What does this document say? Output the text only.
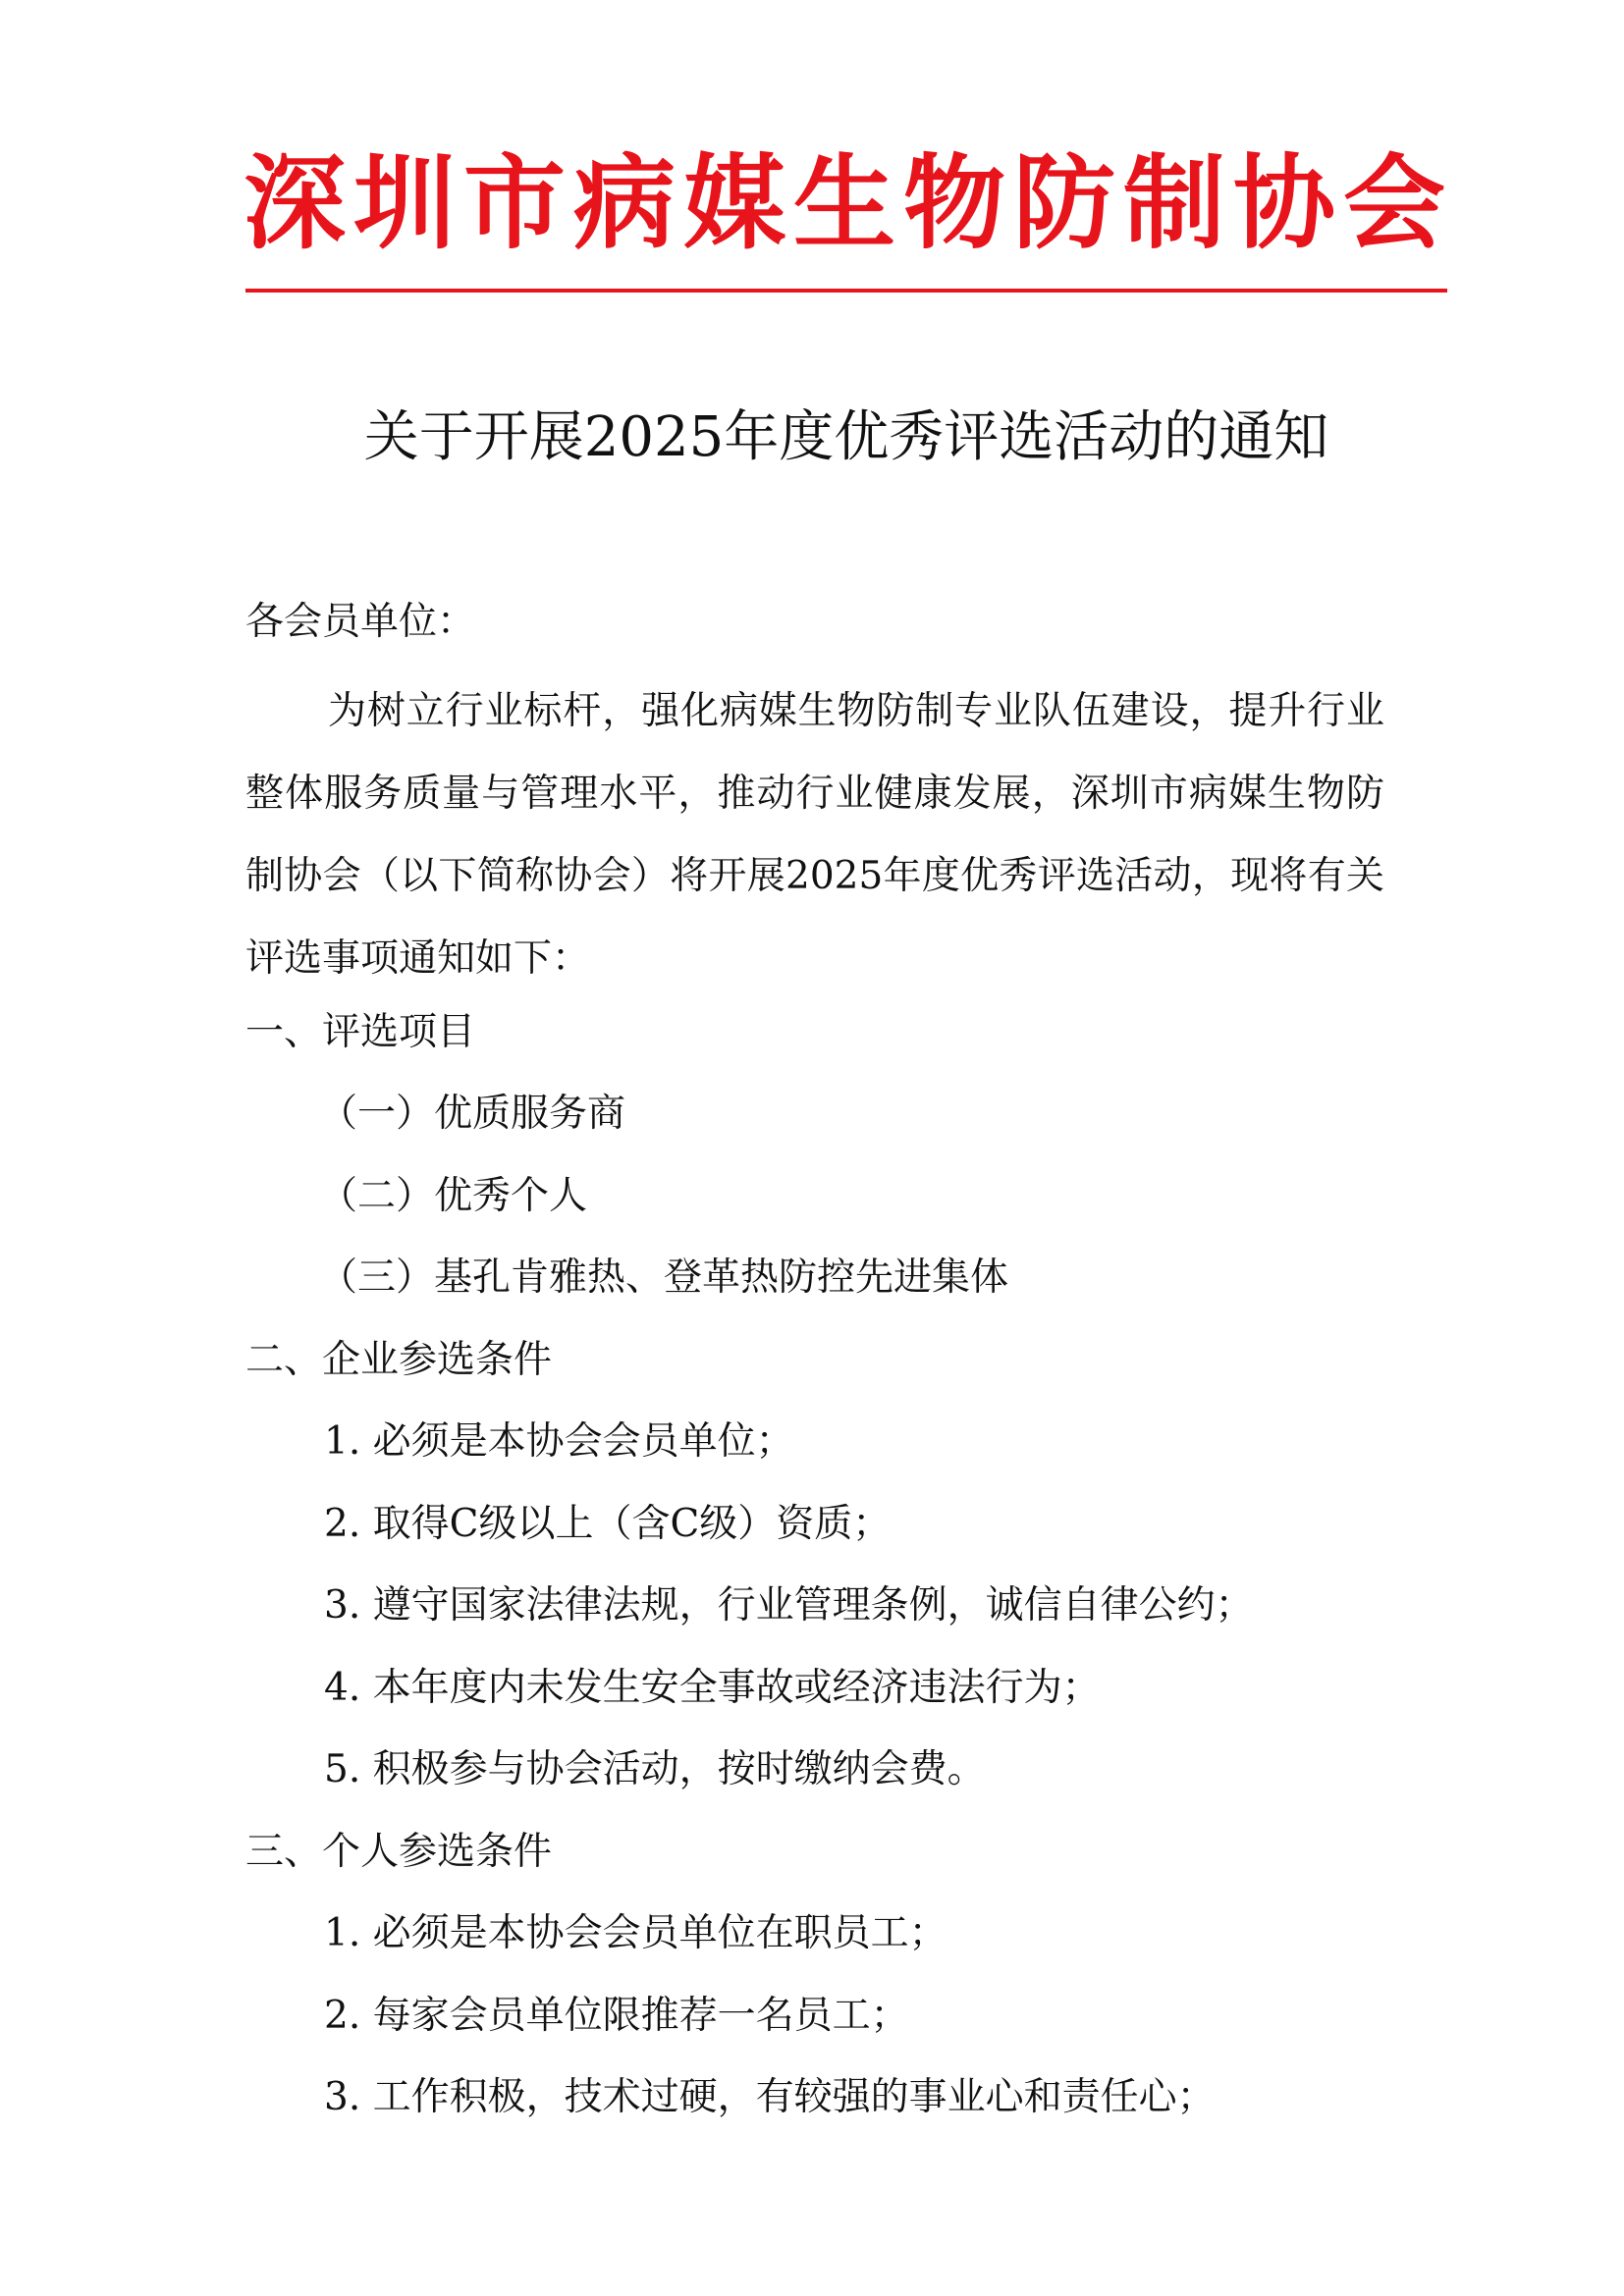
深圳市病媒生物防制协会
关于开展2025年度优秀评选活动的通知
各会员单位：
为树立行业标杆，强化病媒生物防制专业队伍建设，提升行业整体服务质量与管理水平，推动行业健康发展，深圳市病媒生物防制协会（以下简称协会）将开展2025年度优秀评选活动，现将有关评选事项通知如下：
一、评选项目
（一）优质服务商
（二）优秀个人
（三）基孔肯雅热、登革热防控先进集体
二、企业参选条件
1. 必须是本协会会员单位；
2. 取得C级以上（含C级）资质；
3. 遵守国家法律法规，行业管理条例，诚信自律公约；
4. 本年度内未发生安全事故或经济违法行为；
5. 积极参与协会活动，按时缴纳会费。
三、个人参选条件
1. 必须是本协会会员单位在职员工；
2. 每家会员单位限推荐一名员工；
3. 工作积极，技术过硬，有较强的事业心和责任心；
